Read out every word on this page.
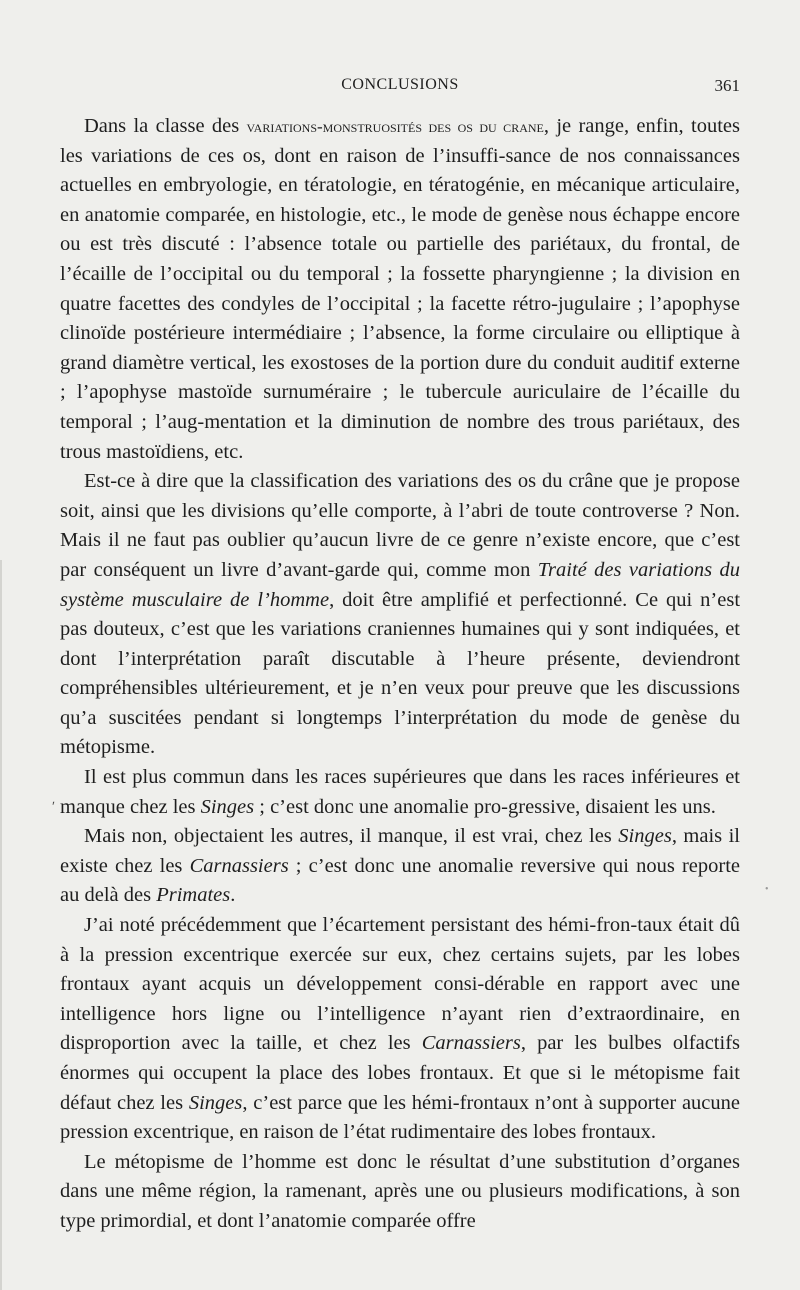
CONCLUSIONS	361
ʹ
•

Dans la classe des variations-monstruosités des os du crane, je range, enfin, toutes les variations de ces os, dont en raison de l’insuffi-sance de nos connaissances actuelles en embryologie, en tératologie, en tératogénie, en mécanique articulaire, en anatomie comparée, en histologie, etc., le mode de genèse nous échappe encore ou est très discuté : l’absence totale ou partielle des pariétaux, du frontal, de l’écaille de l’occipital ou du temporal ; la fossette pharyngienne ; la division en quatre facettes des condyles de l’occipital ; la facette rétro-jugulaire ; l’apophyse clinoïde postérieure intermédiaire ; l’absence, la forme circulaire ou elliptique à grand diamètre vertical, les exostoses de la portion dure du conduit auditif externe ; l’apophyse mastoïde surnuméraire ; le tubercule auriculaire de l’écaille du temporal ; l’aug-mentation et la diminution de nombre des trous pariétaux, des trous mastoïdiens, etc.

Est-ce à dire que la classification des variations des os du crâne que je propose soit, ainsi que les divisions qu’elle comporte, à l’abri de toute controverse ? Non. Mais il ne faut pas oublier qu’aucun livre de ce genre n’existe encore, que c’est par conséquent un livre d’avant-garde qui, comme mon Traité des variations du système musculaire de l’homme, doit être amplifié et perfectionné. Ce qui n’est pas douteux, c’est que les variations craniennes humaines qui y sont indiquées, et dont l’interprétation paraît discutable à l’heure présente, deviendront compréhensibles ultérieurement, et je n’en veux pour preuve que les discussions qu’a suscitées pendant si longtemps l’interprétation du mode de genèse du métopisme.

Il est plus commun dans les races supérieures que dans les races inférieures et manque chez les Singes ; c’est donc une anomalie pro-gressive, disaient les uns.

Mais non, objectaient les autres, il manque, il est vrai, chez les Singes, mais il existe chez les Carnassiers ; c’est donc une anomalie reversive qui nous reporte au delà des Primates.

J’ai noté précédemment que l’écartement persistant des hémi-fron-taux était dû à la pression excentrique exercée sur eux, chez certains sujets, par les lobes frontaux ayant acquis un développement consi-dérable en rapport avec une intelligence hors ligne ou l’intelligence n’ayant rien d’extraordinaire, en disproportion avec la taille, et chez les Carnassiers, par les bulbes olfactifs énormes qui occupent la place des lobes frontaux. Et que si le métopisme fait défaut chez les Singes, c’est parce que les hémi-frontaux n’ont à supporter aucune pression excentrique, en raison de l’état rudimentaire des lobes frontaux.

Le métopisme de l’homme est donc le résultat d’une substitution d’organes dans une même région, la ramenant, après une ou plusieurs modifications, à son type primordial, et dont l’anatomie comparée offre
